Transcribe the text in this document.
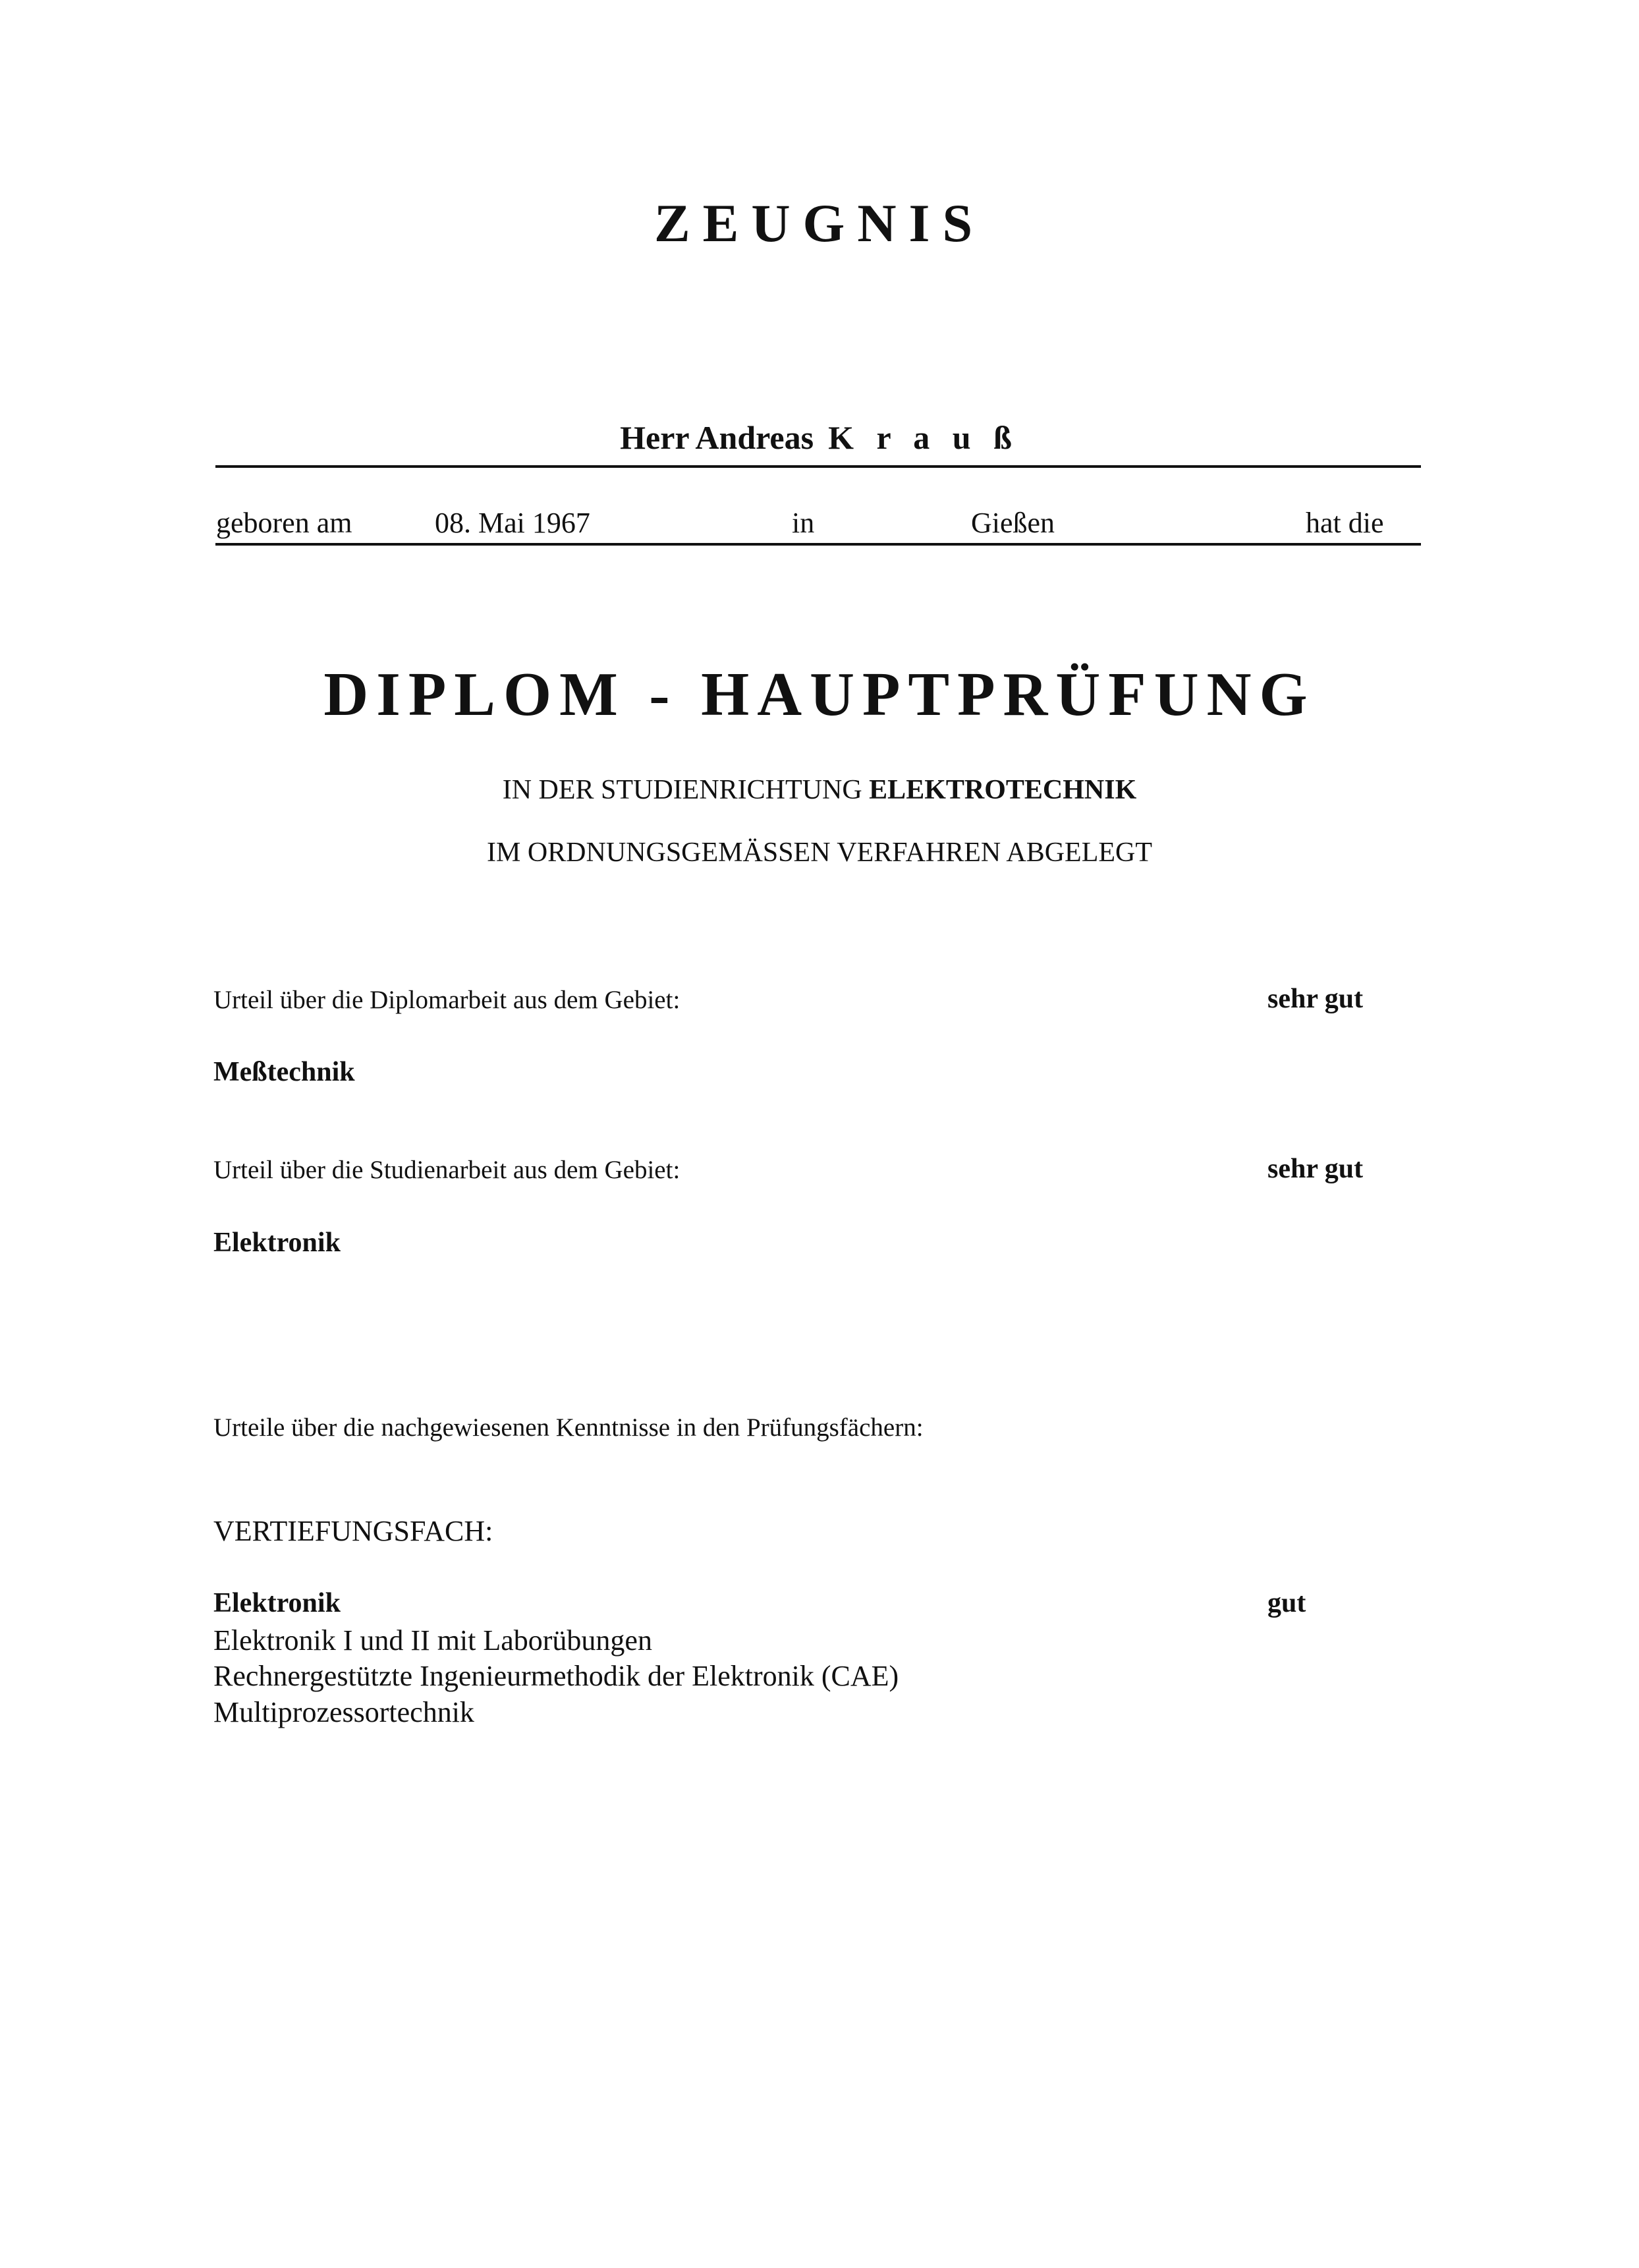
ZEUGNIS
Herr Andreas K r a u ß
geboren am	08. Mai 1967	in	Gießen	hat die
DIPLOM - HAUPTPRÜFUNG
IN DER STUDIENRICHTUNG ELEKTROTECHNIK
IM ORDNUNGSGEMÄSSEN VERFAHREN ABGELEGT
Urteil über die Diplomarbeit aus dem Gebiet:	sehr gut
Meßtechnik
Urteil über die Studienarbeit aus dem Gebiet:	sehr gut
Elektronik
Urteile über die nachgewiesenen Kenntnisse in den Prüfungsfächern:
VERTIEFUNGSFACH:
Elektronik	gut
Elektronik I und II mit Laborübungen
Rechnergestützte Ingenieurmethodik der Elektronik (CAE)
Multiprozessortechnik
